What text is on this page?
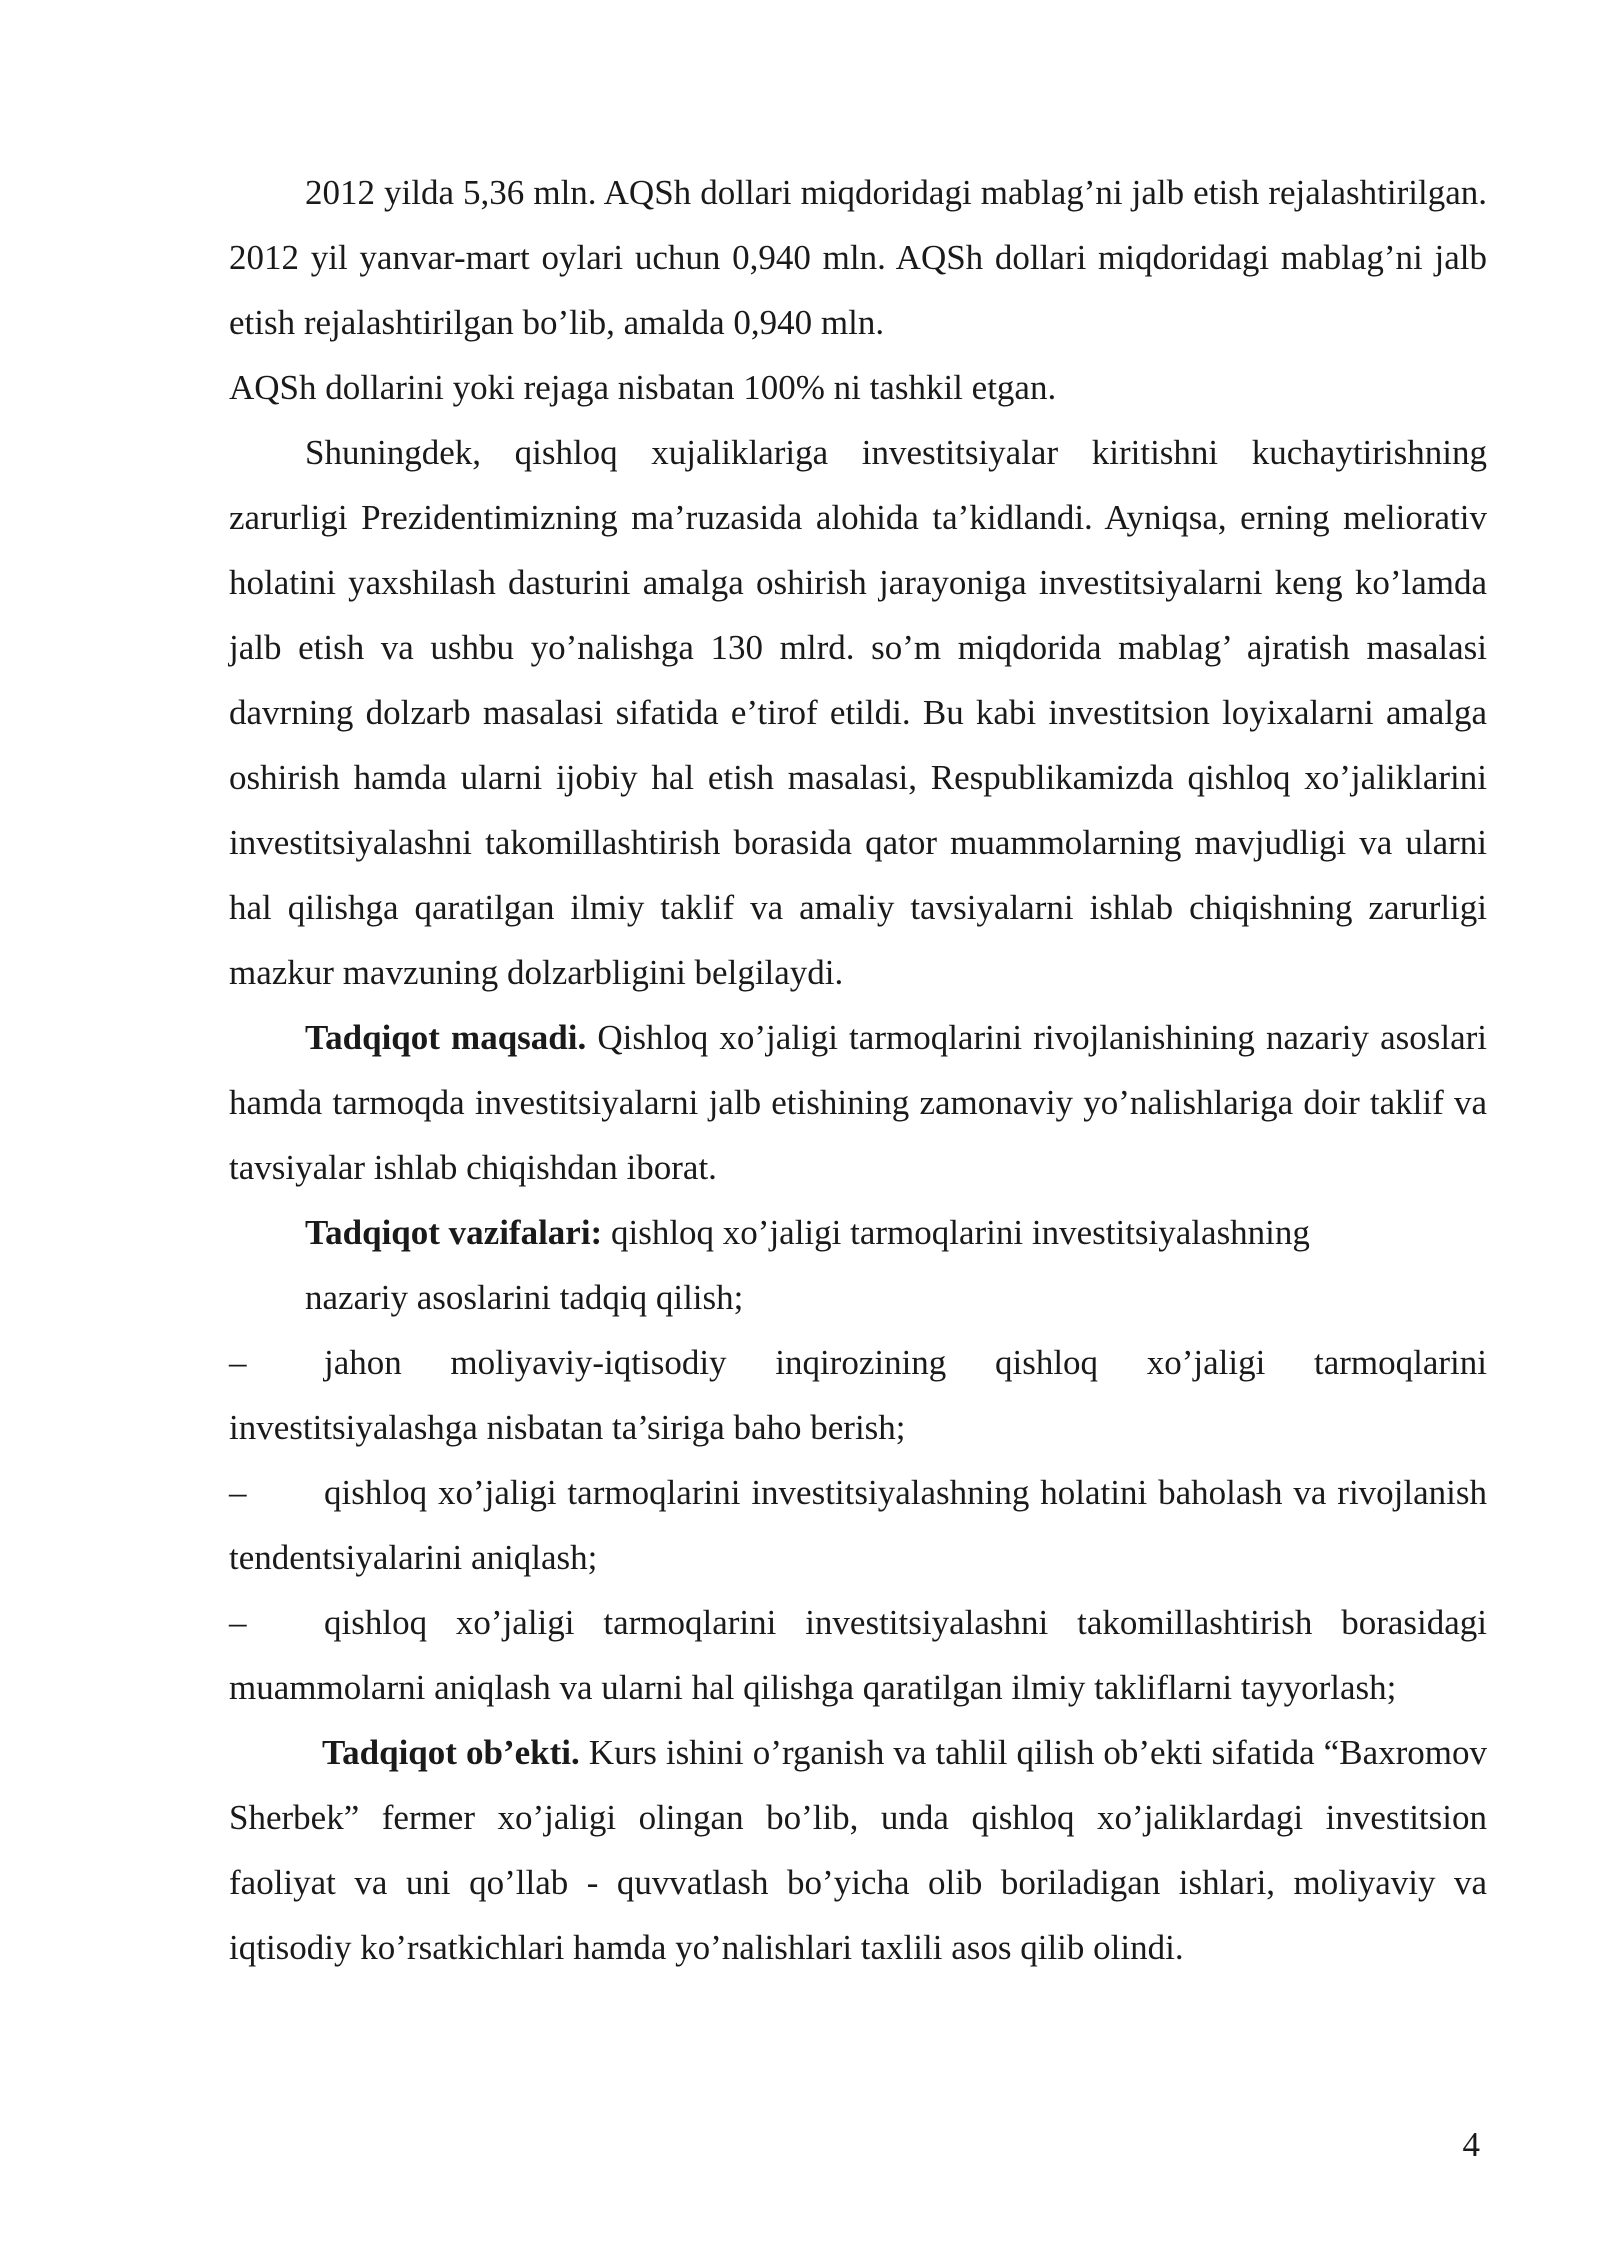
2012 yilda 5,36 mln. AQSh dollari miqdoridagi mablag’ni jalb etish rejalashtirilgan. 2012 yil yanvar-mart oylari uchun 0,940 mln. AQSh dollari miqdoridagi mablag’ni jalb etish rejalashtirilgan bo’lib, amalda 0,940 mln.

AQSh dollarini yoki rejaga nisbatan 100% ni tashkil etgan.

Shuningdek, qishloq xujaliklariga investitsiyalar kiritishni kuchaytirishning zarurligi Prezidentimizning ma’ruzasida alohida ta’kidlandi. Ayniqsa, erning meliorativ holatini yaxshilash dasturini amalga oshirish jarayoniga investitsiyalarni keng ko’lamda jalb etish va ushbu yo’nalishga 130 mlrd. so’m miqdorida mablag’ ajratish masalasi davrning dolzarb masalasi sifatida e’tirof etildi. Bu kabi investitsion loyixalarni amalga oshirish hamda ularni ijobiy hal etish masalasi, Respublikamizda qishloq xo’jaliklarini investitsiyalashni takomillashtirish borasida qator muammolarning mavjudligi va ularni hal qilishga qaratilgan ilmiy taklif va amaliy tavsiyalarni ishlab chiqishning zarurligi mazkur mavzuning dolzarbligini belgilaydi.

Tadqiqot maqsadi. Qishloq xo’jaligi tarmoqlarini rivojlanishining nazariy asoslari hamda tarmoqda investitsiyalarni jalb etishining zamonaviy yo’nalishlariga doir taklif va tavsiyalar ishlab chiqishdan iborat.

Tadqiqot vazifalari: qishloq xo’jaligi tarmoqlarini investitsiyalashning

nazariy asoslarini tadqiq qilish;

– jahon moliyaviy-iqtisodiy inqirozining qishloq xo’jaligi tarmoqlarini investitsiyalashga nisbatan ta’siriga baho berish;

– qishloq xo’jaligi tarmoqlarini investitsiyalashning holatini baholash va rivojlanish tendentsiyalarini aniqlash;

– qishloq xo’jaligi tarmoqlarini investitsiyalashni takomillashtirish borasidagi muammolarni aniqlash va ularni hal qilishga qaratilgan ilmiy takliflarni tayyorlash;

Tadqiqot ob’ekti. Kurs ishini o’rganish va tahlil qilish ob’ekti sifatida “Baxromov Sherbek” fermer xo’jaligi olingan bo’lib, unda qishloq xo’jaliklardagi investitsion faoliyat va uni qo’llab - quvvatlash bo’yicha olib boriladigan ishlari, moliyaviy va iqtisodiy ko’rsatkichlari hamda yo’nalishlari taxlili asos qilib olindi.

4
